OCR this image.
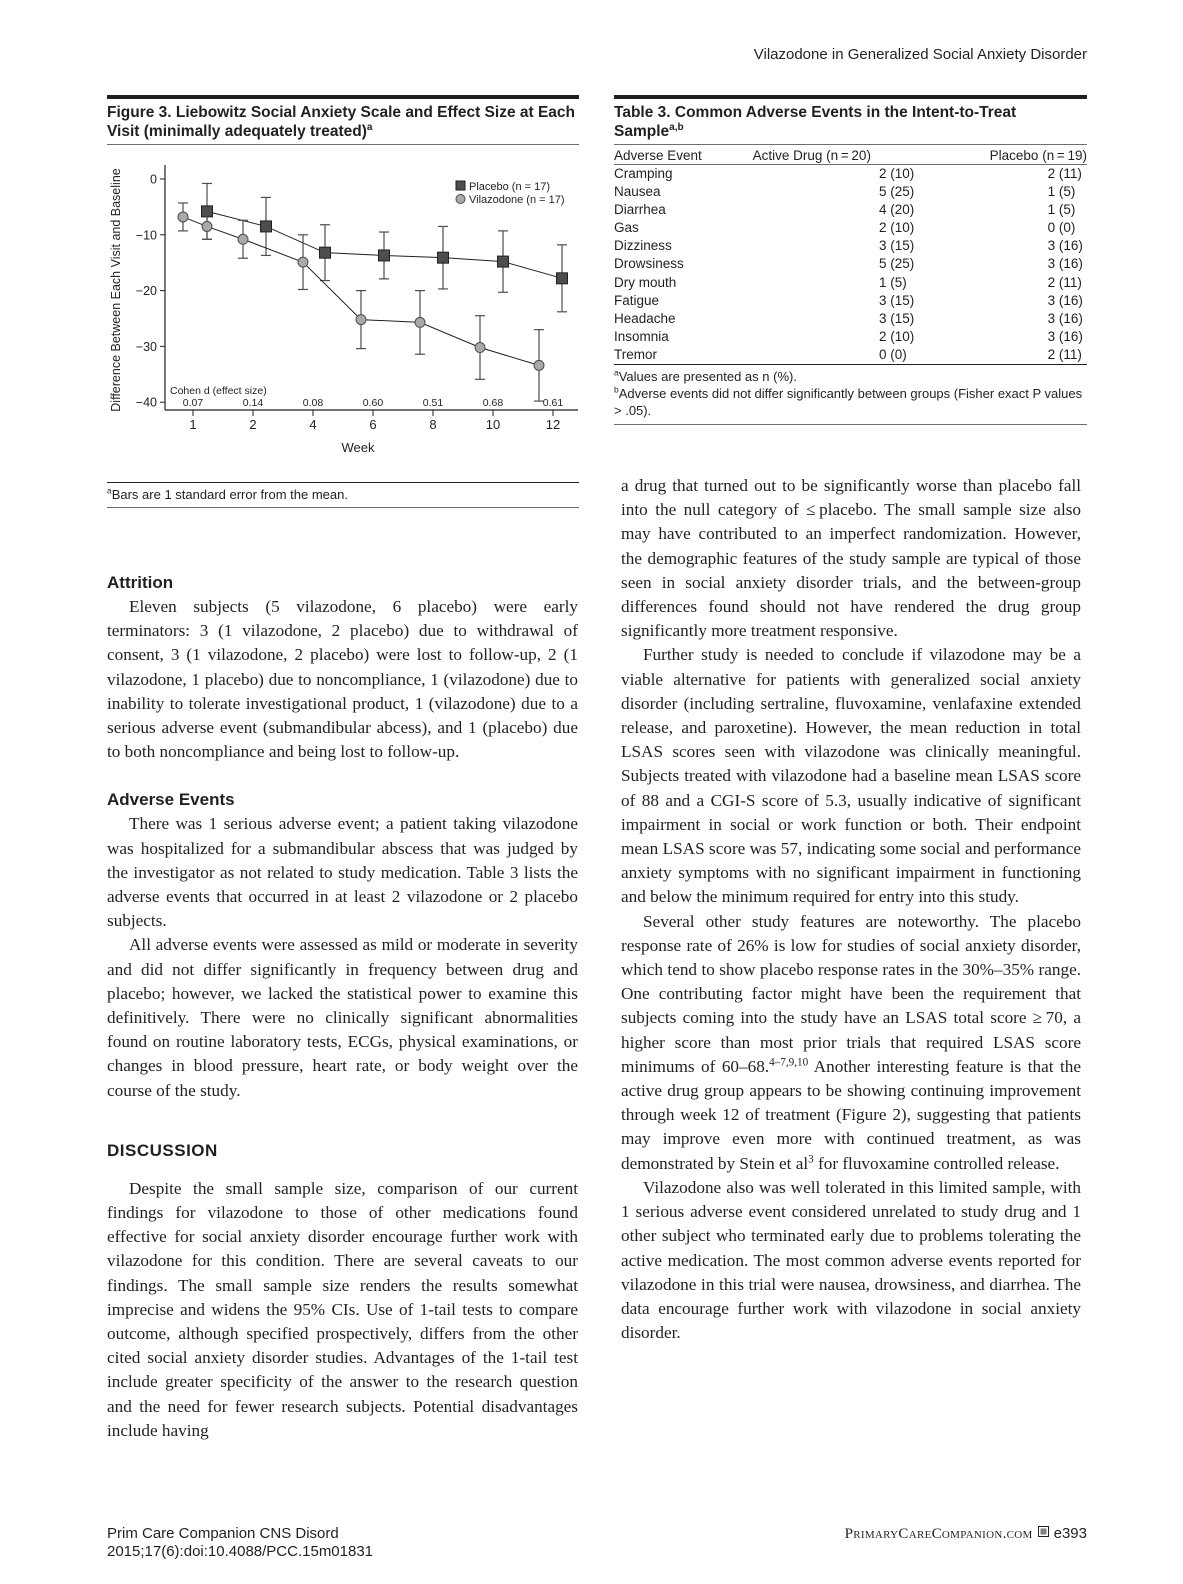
Vilazodone in Generalized Social Anxiety Disorder
Figure 3. Liebowitz Social Anxiety Scale and Effect Size at Each Visit (minimally adequately treated)$^a$
0
−10
−20
−30
−40
1
0.07
2
0.14
4
0.08
6
0.60
8
0.51
10
0.68
12
0.61
Cohen d (effect size)
Week
Difference Between Each Visit and Baseline	Placebo (n = 17)
Vilazodone (n = 17)
$^a$Bars are 1 standard error from the mean.
Table 3. Common Adverse Events in the Intent-to-Treat Sample$^{a,b}$
Adverse Event	Active Drug (n = 20)	Placebo (n = 19)
Cramping	2 (10)	2 (11)
Nausea	5 (25)	1 (5)
Diarrhea	4 (20)	1 (5)
Gas	2 (10)	0 (0)
Dizziness	3 (15)	3 (16)
Drowsiness	5 (25)	3 (16)
Dry mouth	1 (5)	2 (11)
Fatigue	3 (15)	3 (16)
Headache	3 (15)	3 (16)
Insomnia	2 (10)	3 (16)
Tremor	0 (0)	2 (11)

$^a$Values are presented as n (%).

$^b$Adverse events did not differ significantly between groups (Fisher exact P values > .05).

Attrition

Eleven subjects (5 vilazodone, 6 placebo) were early terminators: 3 (1 vilazodone, 2 placebo) due to withdrawal of consent, 3 (1 vilazodone, 2 placebo) were lost to follow-up, 2 (1 vilazodone, 1 placebo) due to noncompliance, 1 (vilazodone) due to inability to tolerate investigational product, 1 (vilazodone) due to a serious adverse event (submandibular abcess), and 1 (placebo) due to both noncompliance and being lost to follow-up.

Adverse Events

There was 1 serious adverse event; a patient taking vilazodone was hospitalized for a submandibular abscess that was judged by the investigator as not related to study medication. Table 3 lists the adverse events that occurred in at least 2 vilazodone or 2 placebo subjects.

All adverse events were assessed as mild or moderate in severity and did not differ significantly in frequency between drug and placebo; however, we lacked the statistical power to examine this definitively. There were no clinically significant abnormalities found on routine laboratory tests, ECGs, physical examinations, or changes in blood pressure, heart rate, or body weight over the course of the study.

DISCUSSION

Despite the small sample size, comparison of our current findings for vilazodone to those of other medications found effective for social anxiety disorder encourage further work with vilazodone for this condition. There are several caveats to our findings. The small sample size renders the results somewhat imprecise and widens the 95% CIs. Use of 1-tail tests to compare outcome, although specified prospectively, differs from the other cited social anxiety disorder studies. Advantages of the 1-tail test include greater specificity of the answer to the research question and the need for fewer research subjects. Potential disadvantages include having

a drug that turned out to be significantly worse than placebo fall into the null category of ≤ placebo. The small sample size also may have contributed to an imperfect randomization. However, the demographic features of the study sample are typical of those seen in social anxiety disorder trials, and the between-group differences found should not have rendered the drug group significantly more treatment responsive.

Further study is needed to conclude if vilazodone may be a viable alternative for patients with generalized social anxiety disorder (including sertraline, fluvoxamine, venlafaxine extended release, and paroxetine). However, the mean reduction in total LSAS scores seen with vilazodone was clinically meaningful. Subjects treated with vilazodone had a baseline mean LSAS score of 88 and a CGI-S score of 5.3, usually indicative of significant impairment in social or work function or both. Their endpoint mean LSAS score was 57, indicating some social and performance anxiety symptoms with no significant impairment in functioning and below the minimum required for entry into this study.

Several other study features are noteworthy. The placebo response rate of 26% is low for studies of social anxiety disorder, which tend to show placebo response rates in the 30%–35% range. One contributing factor might have been the requirement that subjects coming into the study have an LSAS total score ≥ 70, a higher score than most prior trials that required LSAS score minimums of 60–68.$^{4-7,9,10}$ Another interesting feature is that the active drug group appears to be showing continuing improvement through week 12 of treatment (Figure 2), suggesting that patients may improve even more with continued treatment, as was demonstrated by Stein et $al^3$ for fluvoxamine controlled release.

Vilazodone also was well tolerated in this limited sample, with 1 serious adverse event considered unrelated to study drug and 1 other subject who terminated early due to problems tolerating the active medication. The most common adverse events reported for vilazodone in this trial were nausea, drowsiness, and diarrhea. The data encourage further work with vilazodone in social anxiety disorder.

Prim Care Companion CNS Disord
2015;17(6):doi:10.4088/PCC.15m01831
PrimaryCareCompanion.com e393
